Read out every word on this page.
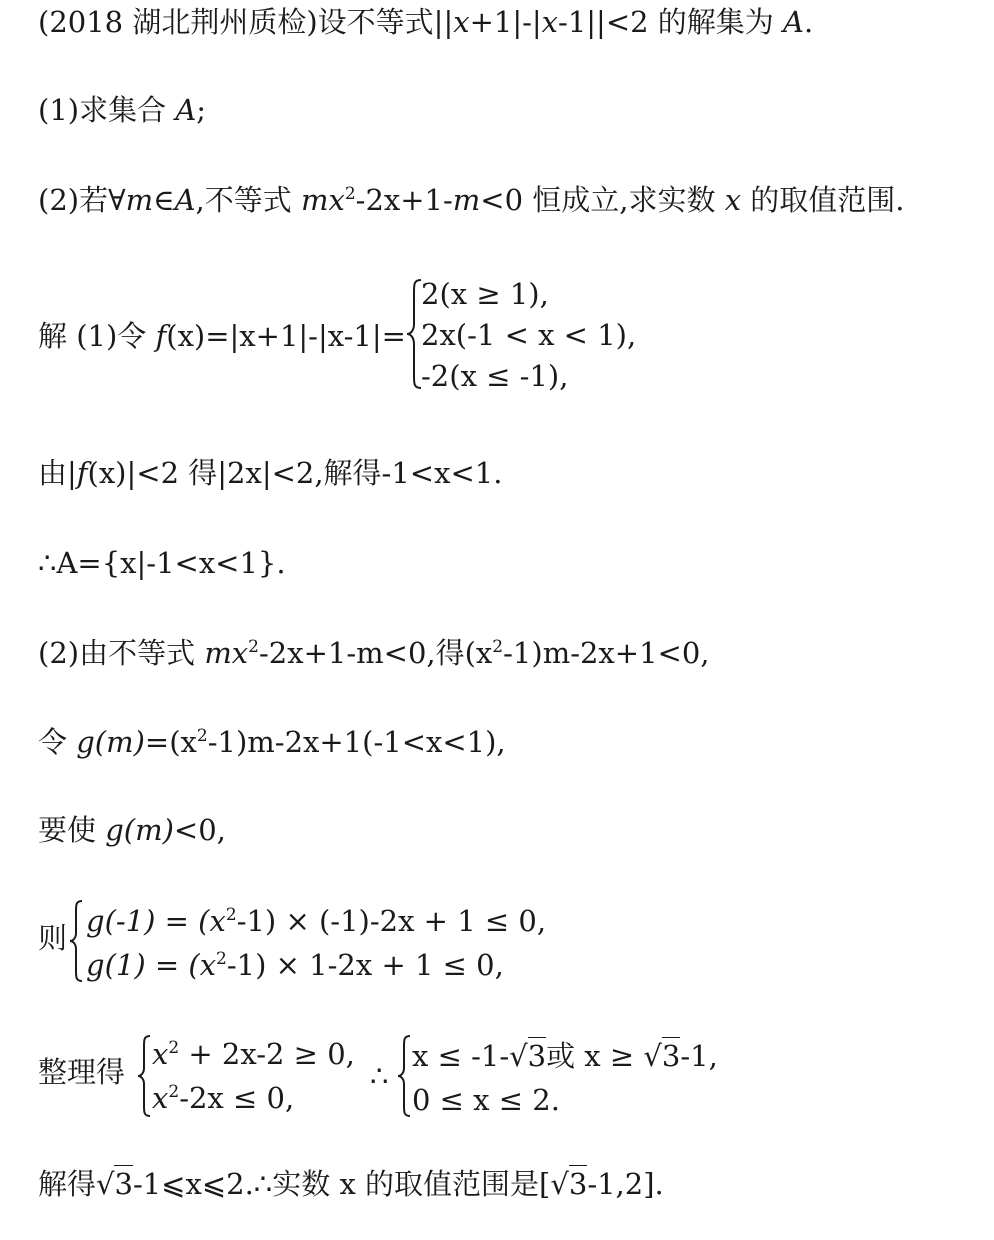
(2018 湖北荆州质检)设不等式||x+1|-|x-1||<2 的解集为 A.
(1)求集合 A;
(2)若∀m∈A,不等式 $mx^2-2x+1-m<0$ 恒成立,求实数 x 的取值范围.
解 (1)令 f(x)=|x+1|-|x-1|=
2(x ≥ 1),
2x(-1 < x < 1),
-2(x ≤ -1),
由|f(x)|<2 得|2x|<2,解得-1<x<1.
∴A={x|-1<x<1}.
(2)由不等式 $mx^2-2x+1-m<0$,得$(x^2-1)m-2x+1<0$,
令 $g(m)=(x^2-1)m-2x+1(-1<x<1)$,
要使 g(m)<0,
则 $g(-1) = (x^2-1) \times (-1)-2x + 1 \le 0$,
$g(1) = (x^2-1) \times 1-2x + 1 \le 0$,
整理得
$x^2 + 2x-2 \ge 0$,
$x^2-2x \le 0$,
∴
x ≤ -1-√3或 x ≥ √3-1,
0 ≤ x ≤ 2.
解得√3-1⩽x⩽2.∴实数 x 的取值范围是[√3-1,2].
